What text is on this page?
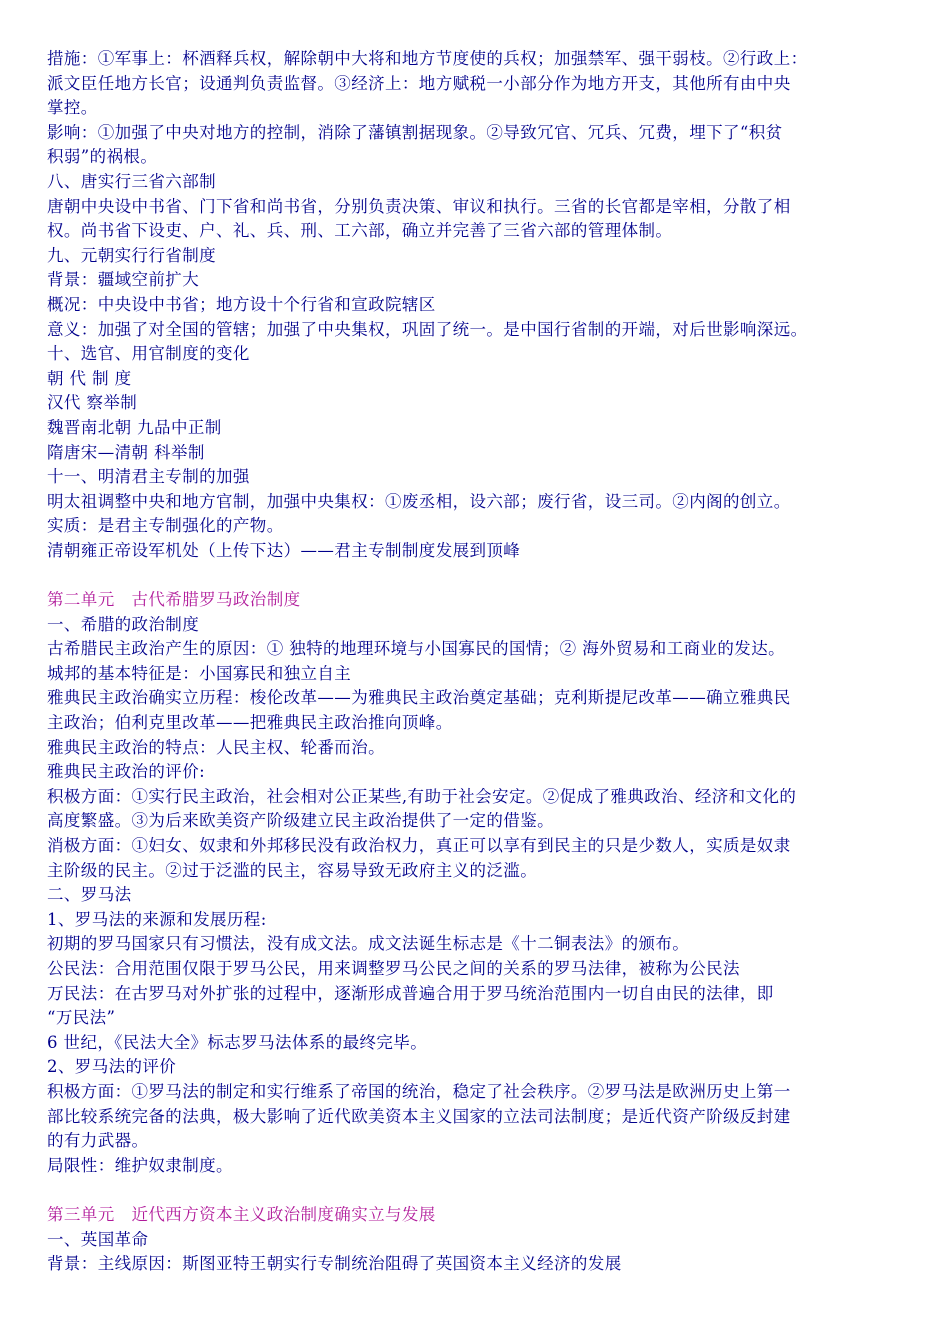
措施：①军事上：杯酒释兵权，解除朝中大将和地方节度使的兵权；加强禁军、强干弱枝。②行政上：

派文臣任地方长官；设通判负责监督。③经济上：地方赋税一小部分作为地方开支，其他所有由中央

掌控。

影响：①加强了中央对地方的控制，消除了藩镇割据现象。②导致冗官、冗兵、冗费，埋下了“积贫

积弱”的祸根。

八、唐实行三省六部制

唐朝中央设中书省、门下省和尚书省，分别负责决策、审议和执行。三省的长官都是宰相，分散了相

权。尚书省下设吏、户、礼、兵、刑、工六部，确立并完善了三省六部的管理体制。

九、元朝实行行省制度

背景：疆域空前扩大

概况：中央设中书省；地方设十个行省和宣政院辖区

意义：加强了对全国的管辖；加强了中央集权，巩固了统一。是中国行省制的开端，对后世影响深远。

十、选官、用官制度的变化

朝 代 制 度

汉代 察举制

魏晋南北朝 九品中正制

隋唐宋—清朝 科举制

十一、明清君主专制的加强

明太祖调整中央和地方官制，加强中央集权：①废丞相，设六部；废行省，设三司。②内阁的创立。

实质：是君主专制强化的产物。

清朝雍正帝设军机处（上传下达）——君主专制制度发展到顶峰

第二单元　古代希腊罗马政治制度

一、希腊的政治制度

古希腊民主政治产生的原因：① 独特的地理环境与小国寡民的国情；② 海外贸易和工商业的发达。

城邦的基本特征是：小国寡民和独立自主

雅典民主政治确实立历程：梭伦改革——为雅典民主政治奠定基础；克利斯提尼改革——确立雅典民

主政治；伯利克里改革——把雅典民主政治推向顶峰。

雅典民主政治的特点：人民主权、轮番而治。

雅典民主政治的评价:

积极方面：①实行民主政治，社会相对公正某些,有助于社会安定。②促成了雅典政治、经济和文化的

高度繁盛。③为后来欧美资产阶级建立民主政治提供了一定的借鉴。

消极方面：①妇女、奴隶和外邦移民没有政治权力，真正可以享有到民主的只是少数人，实质是奴隶

主阶级的民主。②过于泛滥的民主，容易导致无政府主义的泛滥。

二、罗马法

1、罗马法的来源和发展历程:

初期的罗马国家只有习惯法，没有成文法。成文法诞生标志是《十二铜表法》的颁布。

公民法：合用范围仅限于罗马公民，用来调整罗马公民之间的关系的罗马法律，被称为公民法

万民法：在古罗马对外扩张的过程中，逐渐形成普遍合用于罗马统治范围内一切自由民的法律，即

“万民法”

6 世纪，《民法大全》标志罗马法体系的最终完毕。

2、罗马法的评价

积极方面：①罗马法的制定和实行维系了帝国的统治，稳定了社会秩序。②罗马法是欧洲历史上第一

部比较系统完备的法典，极大影响了近代欧美资本主义国家的立法司法制度；是近代资产阶级反封建

的有力武器。

局限性：维护奴隶制度。

第三单元　近代西方资本主义政治制度确实立与发展

一、英国革命

背景：主线原因：斯图亚特王朝实行专制统治阻碍了英国资本主义经济的发展
